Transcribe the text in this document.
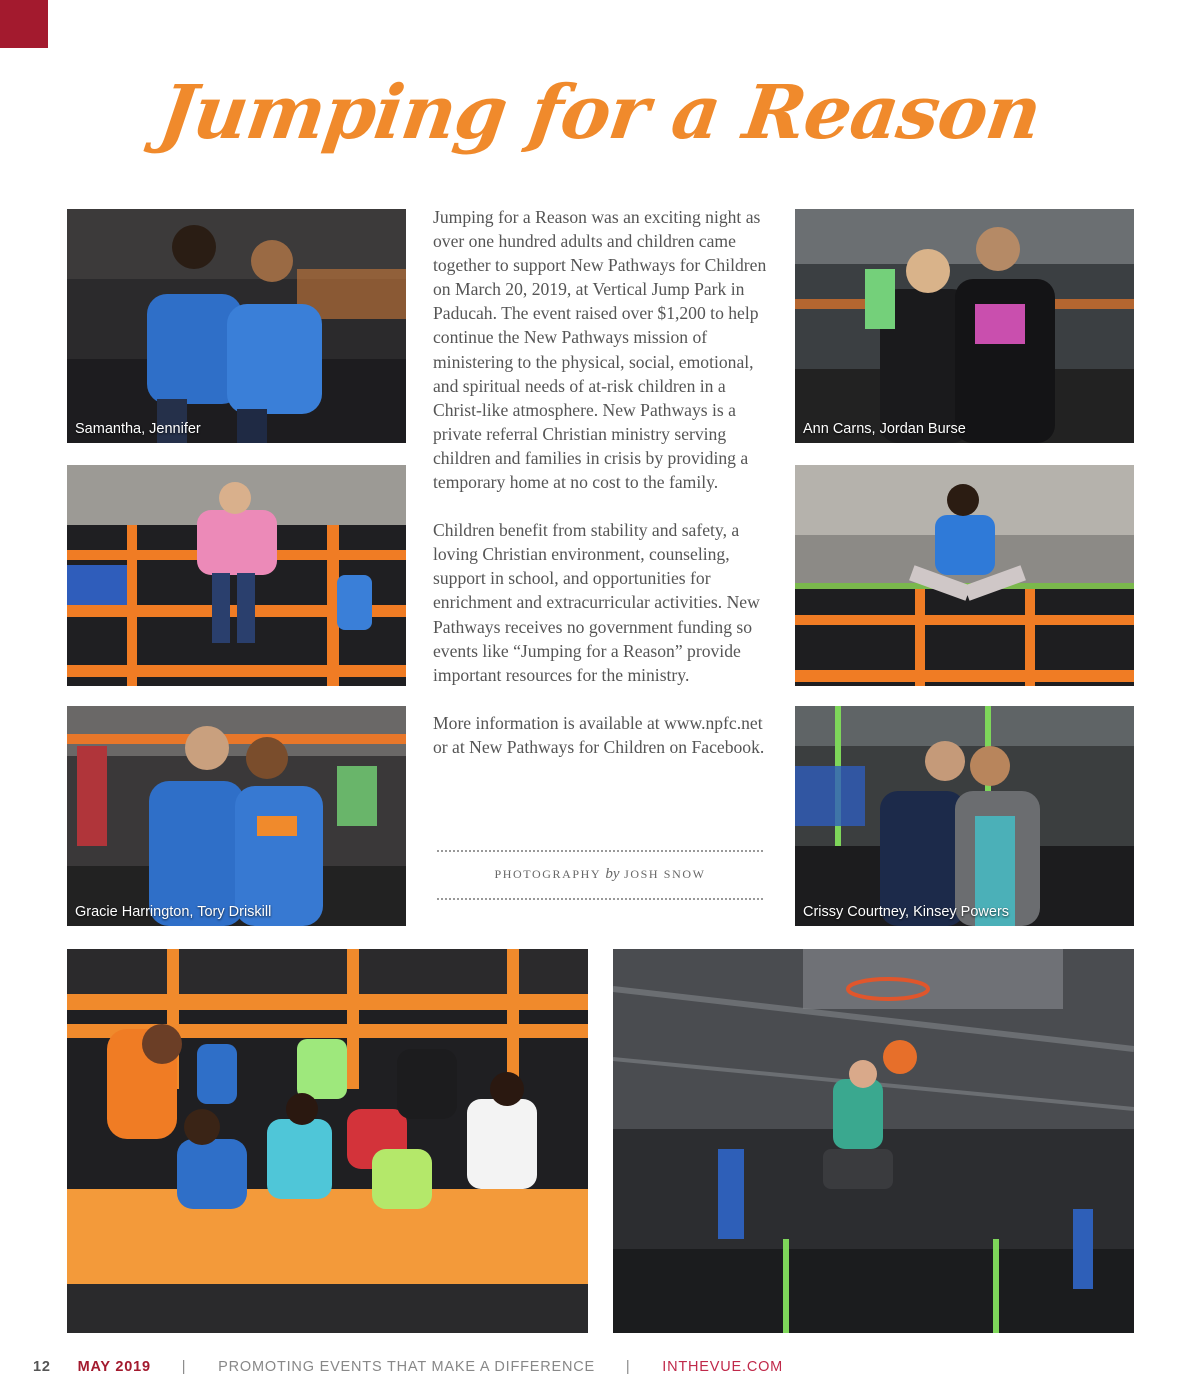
Jumping for a Reason
Samantha, Jennifer	Ann Carns, Jordan Burse
Gracie Harrington, Tory Driskill	Crissy Courtney, Kinsey Powers

Jumping for a Reason was an exciting night as over one hundred adults and children came together to support New Pathways for Children on March 20, 2019, at Vertical Jump Park in Paducah. The event raised over $1,200 to help continue the New Pathways mission of ministering to the physical, social, emotional, and spiritual needs of at-risk children in a Christ-like atmosphere. New Pathways is a private referral Christian ministry serving children and families in crisis by providing a temporary home at no cost to the family.

Children benefit from stability and safety, a loving Christian environment, counseling, support in school, and opportunities for enrichment and extracurricular activities. New Pathways receives no government funding so events like “Jumping for a Reason” provide important resources for the ministry.

More information is available at www.npfc.net or at New Pathways for Children on Facebook.

PHOTOGRAPHY by JOSH SNOW
12 MAY 2019 | PROMOTING EVENTS THAT MAKE A DIFFERENCE | INTHEVUE.COM
